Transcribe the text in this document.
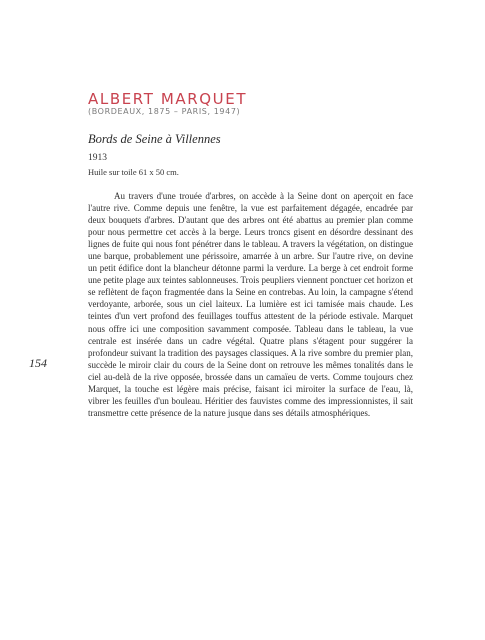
ALBERT MARQUET
(BORDEAUX, 1875 – PARIS, 1947)
Bords de Seine à Villennes
1913
Huile sur toile 61 x 50 cm.

Au travers d'une trouée d'arbres, on accède à la Seine dont on aperçoit en face l'autre rive. Comme depuis une fenêtre, la vue est parfaitement dégagée, encadrée par deux bouquets d'arbres. D'autant que des arbres ont été abattus au premier plan comme pour nous permettre cet accès à la berge. Leurs troncs gisent en désordre dessinant des lignes de fuite qui nous font pénétrer dans le tableau. A travers la végétation, on distingue une barque, probablement une périssoire, amarrée à un arbre. Sur l'autre rive, on devine un petit édifice dont la blancheur détonne parmi la verdure. La berge à cet endroit forme une petite plage aux teintes sablonneuses. Trois peupliers viennent ponctuer cet horizon et se reflètent de façon fragmentée dans la Seine en contrebas. Au loin, la campagne s'étend verdoyante, arborée, sous un ciel laiteux. La lumière est ici tamisée mais chaude. Les teintes d'un vert profond des feuillages touffus attestent de la période estivale. Marquet nous offre ici une composition savamment composée. Tableau dans le tableau, la vue centrale est insérée dans un cadre végétal. Quatre plans s'étagent pour suggérer la profondeur suivant la tradition des paysages classiques. A la rive sombre du premier plan, succède le miroir clair du cours de la Seine dont on retrouve les mêmes tonalités dans le ciel au-delà de la rive opposée, brossée dans un camaïeu de verts. Comme toujours chez Marquet, la touche est légère mais précise, faisant ici miroiter la surface de l'eau, là, vibrer les feuilles d'un bouleau. Héritier des fauvistes comme des impressionnistes, il sait transmettre cette présence de la nature jusque dans ses détails atmosphériques.

154
